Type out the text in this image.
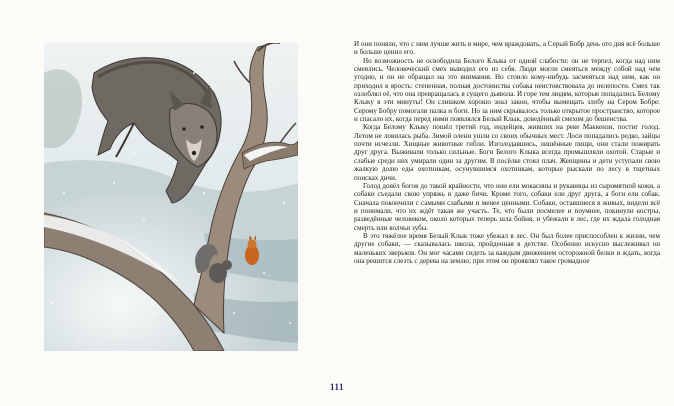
И они поняли, что с ним лучше жить в мире, чем враждовать, а Серый Бобр день ото дня всё больше и больше ценил его.

Но возможность не освободила Белого Клыка от одной слабости: он не терпел, когда над ним смеялись. Человеческий смех выводил его из себя. Люди могли смеяться между собой над чем угодно, и он не обращал на это внимания. Но стоило кому-нибудь засмеяться над ним, как он приходил в ярость: степенная, полная достоинства собака неистовствовала до нелепости. Смех так озлоблял её, что она превращалась в сущего дьявола. И горе тем людям, которые попадались Белому Клыку в эти минуты! Он слишком хорошо знал закон, чтобы вымещать злобу на Сером Бобре: Серому Бобру помогали палка и боги. Но за ним скрывалось только открытое пространство, которое и спасало их, когда перед ними появлялся Белый Клык, доведённый смехом до бешенства.

Когда Белому Клыку пошёл третий год, индейцев, живших на реке Маккензи, постиг голод. Летом не ловилась рыба. Зимой олени ушли со своих обычных мест. Лоси попадались редко, зайцы почти исчезли. Хищные животные гибли. Изголодавшись, лишённые пищи, они стали пожирать друг друга. Выживали только сильные. Боги Белого Клыка всегда промышляли охотой. Старые и слабые среди них умирали один за другим. В посёлке стоял плач. Женщины и дети уступали свою жалкую долю еды охотникам, осунувшимся охотникам, которые рыскали по лесу в тщетных поисках дичи.

Голод довёл богов до такой крайности, что они ели мокасины и рукавицы из сыромятной кожи, а собаки съедали свою упряжь и даже бичи. Кроме того, собаки ели друг друга, а боги ели собак. Сначала покончили с самыми слабыми и менее ценными. Собаки, оставшиеся в живых, видели всё и понимали, что их ждёт такая же участь. Те, что были посмелее и поумнее, покинули костры, разведённые человеком, около которых теперь шла бойня, и убежали в лес, где их ждала голодная смерть или волчьи зубы.

В это тяжёлое время Белый Клык тоже убежал в лес. Он был более приспособлен к жизни, чем другие собаки, — сказывалась школа, пройденная в детстве. Особенно искусно выслеживал он маленьких зверьков. Он мог часами сидеть за каждым движением осторожной белки и ждать, когда она решится слезть с дерева на землю; при этом он проявлял такое громадное

111
